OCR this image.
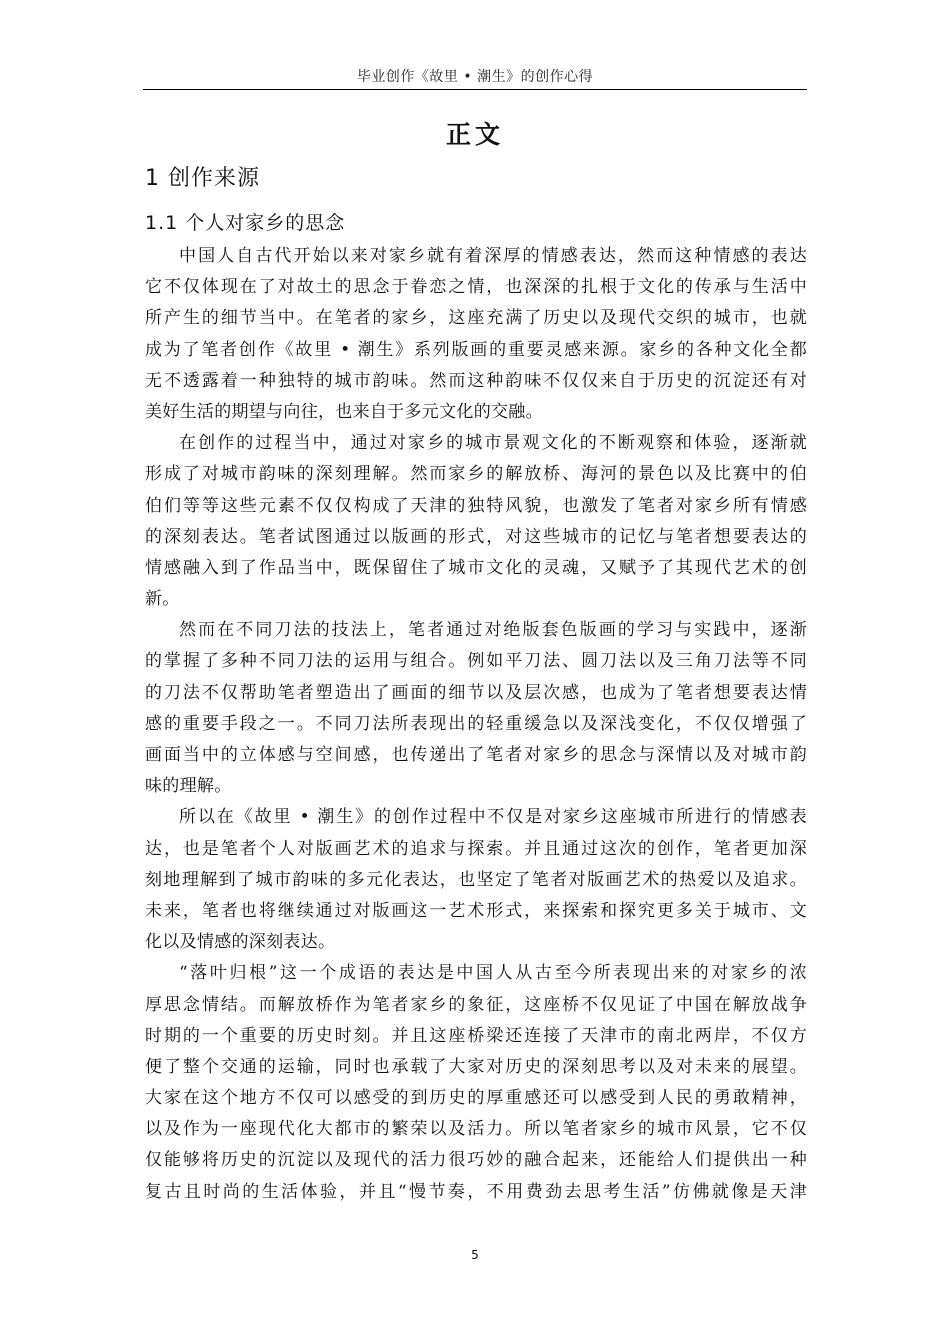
毕业创作《故里 • 潮生》的创作心得
正文
1 创作来源
1.1 个人对家乡的思念
中国人自古代开始以来对家乡就有着深厚的情感表达，然而这种情感的表达
它不仅体现在了对故土的思念于眷恋之情，也深深的扎根于文化的传承与生活中
所产生的细节当中。在笔者的家乡，这座充满了历史以及现代交织的城市，也就
成为了笔者创作《故里 • 潮生》系列版画的重要灵感来源。家乡的各种文化全都
无不透露着一种独特的城市韵味。然而这种韵味不仅仅来自于历史的沉淀还有对
美好生活的期望与向往，也来自于多元文化的交融。
在创作的过程当中，通过对家乡的城市景观文化的不断观察和体验，逐渐就
形成了对城市韵味的深刻理解。然而家乡的解放桥、海河的景色以及比赛中的伯
伯们等等这些元素不仅仅构成了天津的独特风貌，也激发了笔者对家乡所有情感
的深刻表达。笔者试图通过以版画的形式，对这些城市的记忆与笔者想要表达的
情感融入到了作品当中，既保留住了城市文化的灵魂，又赋予了其现代艺术的创
新。
然而在不同刀法的技法上，笔者通过对绝版套色版画的学习与实践中，逐渐
的掌握了多种不同刀法的运用与组合。例如平刀法、圆刀法以及三角刀法等不同
的刀法不仅帮助笔者塑造出了画面的细节以及层次感，也成为了笔者想要表达情
感的重要手段之一。不同刀法所表现出的轻重缓急以及深浅变化，不仅仅增强了
画面当中的立体感与空间感，也传递出了笔者对家乡的思念与深情以及对城市韵
味的理解。
所以在《故里 • 潮生》的创作过程中不仅是对家乡这座城市所进行的情感表
达，也是笔者个人对版画艺术的追求与探索。并且通过这次的创作，笔者更加深
刻地理解到了城市韵味的多元化表达，也坚定了笔者对版画艺术的热爱以及追求。
未来，笔者也将继续通过对版画这一艺术形式，来探索和探究更多关于城市、文
化以及情感的深刻表达。
“落叶归根”这一个成语的表达是中国人从古至今所表现出来的对家乡的浓
厚思念情结。而解放桥作为笔者家乡的象征，这座桥不仅见证了中国在解放战争
时期的一个重要的历史时刻。并且这座桥梁还连接了天津市的南北两岸，不仅方
便了整个交通的运输，同时也承载了大家对历史的深刻思考以及对未来的展望。
大家在这个地方不仅可以感受的到历史的厚重感还可以感受到人民的勇敢精神，
以及作为一座现代化大都市的繁荣以及活力。所以笔者家乡的城市风景，它不仅
仅能够将历史的沉淀以及现代的活力很巧妙的融合起来，还能给人们提供出一种
复古且时尚的生活体验，并且“慢节奏，不用费劲去思考生活”仿佛就像是天津
5
